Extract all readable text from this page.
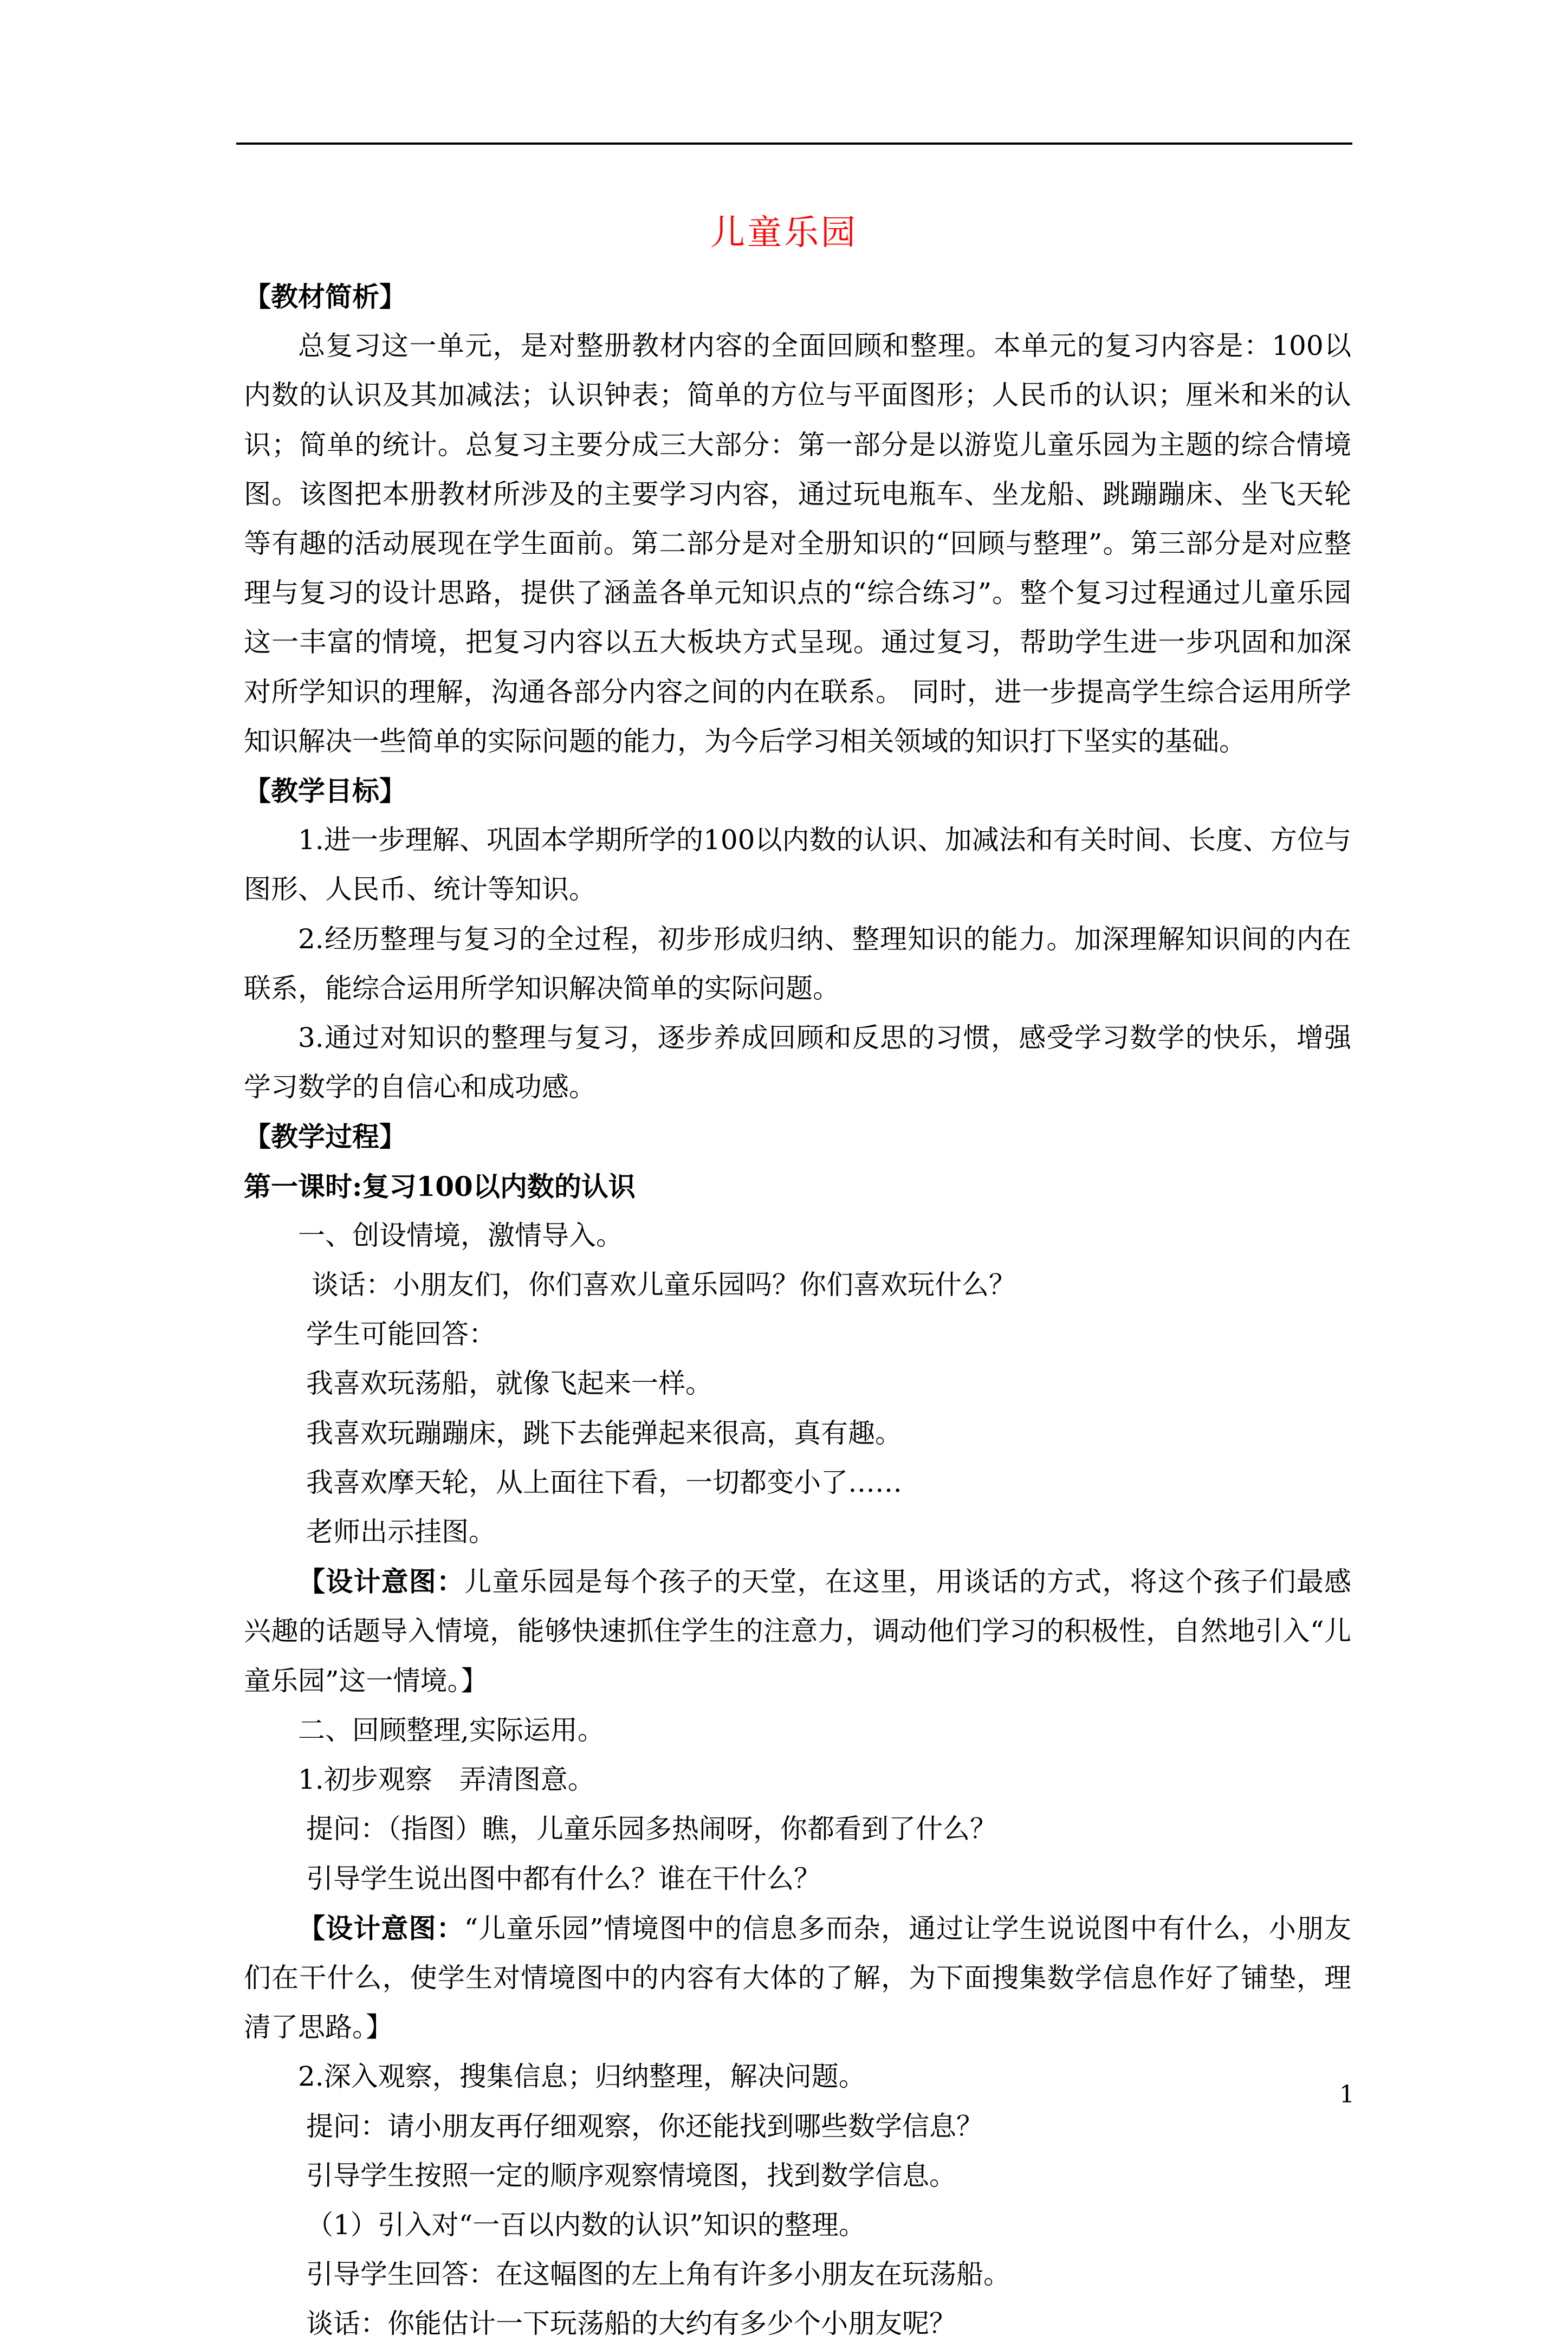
儿童乐园

【教材简析】

总复习这一单元，是对整册教材内容的全面回顾和整理。本单元的复习内容是：100以内数的认识及其加减法；认识钟表；简单的方位与平面图形；人民币的认识；厘米和米的认识；简单的统计。总复习主要分成三大部分：第一部分是以游览儿童乐园为主题的综合情境图。该图把本册教材所涉及的主要学习内容，通过玩电瓶车、坐龙船、跳蹦蹦床、坐飞天轮等有趣的活动展现在学生面前。第二部分是对全册知识的“回顾与整理”。第三部分是对应整理与复习的设计思路，提供了涵盖各单元知识点的“综合练习”。整个复习过程通过儿童乐园这一丰富的情境，把复习内容以五大板块方式呈现。通过复习，帮助学生进一步巩固和加深对所学知识的理解，沟通各部分内容之间的内在联系。 同时，进一步提高学生综合运用所学知识解决一些简单的实际问题的能力，为今后学习相关领域的知识打下坚实的基础。

【教学目标】

1.进一步理解、巩固本学期所学的100以内数的认识、加减法和有关时间、长度、方位与图形、人民币、统计等知识。

2.经历整理与复习的全过程，初步形成归纳、整理知识的能力。加深理解知识间的内在联系，能综合运用所学知识解决简单的实际问题。

3.通过对知识的整理与复习，逐步养成回顾和反思的习惯，感受学习数学的快乐，增强学习数学的自信心和成功感。

【教学过程】

第一课时:复习100以内数的认识

一、创设情境，激情导入。

谈话：小朋友们，你们喜欢儿童乐园吗？你们喜欢玩什么？

学生可能回答：

我喜欢玩荡船，就像飞起来一样。

我喜欢玩蹦蹦床，跳下去能弹起来很高，真有趣。

我喜欢摩天轮，从上面往下看，一切都变小了……

老师出示挂图。

【设计意图：儿童乐园是每个孩子的天堂，在这里，用谈话的方式，将这个孩子们最感兴趣的话题导入情境，能够快速抓住学生的注意力，调动他们学习的积极性，自然地引入“儿童乐园”这一情境。】

二、回顾整理,实际运用。

1.初步观察　弄清图意。

提问：（指图）瞧，儿童乐园多热闹呀，你都看到了什么？

引导学生说出图中都有什么？谁在干什么？

【设计意图：“儿童乐园”情境图中的信息多而杂，通过让学生说说图中有什么，小朋友们在干什么，使学生对情境图中的内容有大体的了解，为下面搜集数学信息作好了铺垫，理清了思路。】

2.深入观察，搜集信息；归纳整理，解决问题。

提问：请小朋友再仔细观察，你还能找到哪些数学信息？

引导学生按照一定的顺序观察情境图，找到数学信息。

（1）引入对“一百以内数的认识”知识的整理。

引导学生回答：在这幅图的左上角有许多小朋友在玩荡船。

谈话：你能估计一下玩荡船的大约有多少个小朋友呢？

1
